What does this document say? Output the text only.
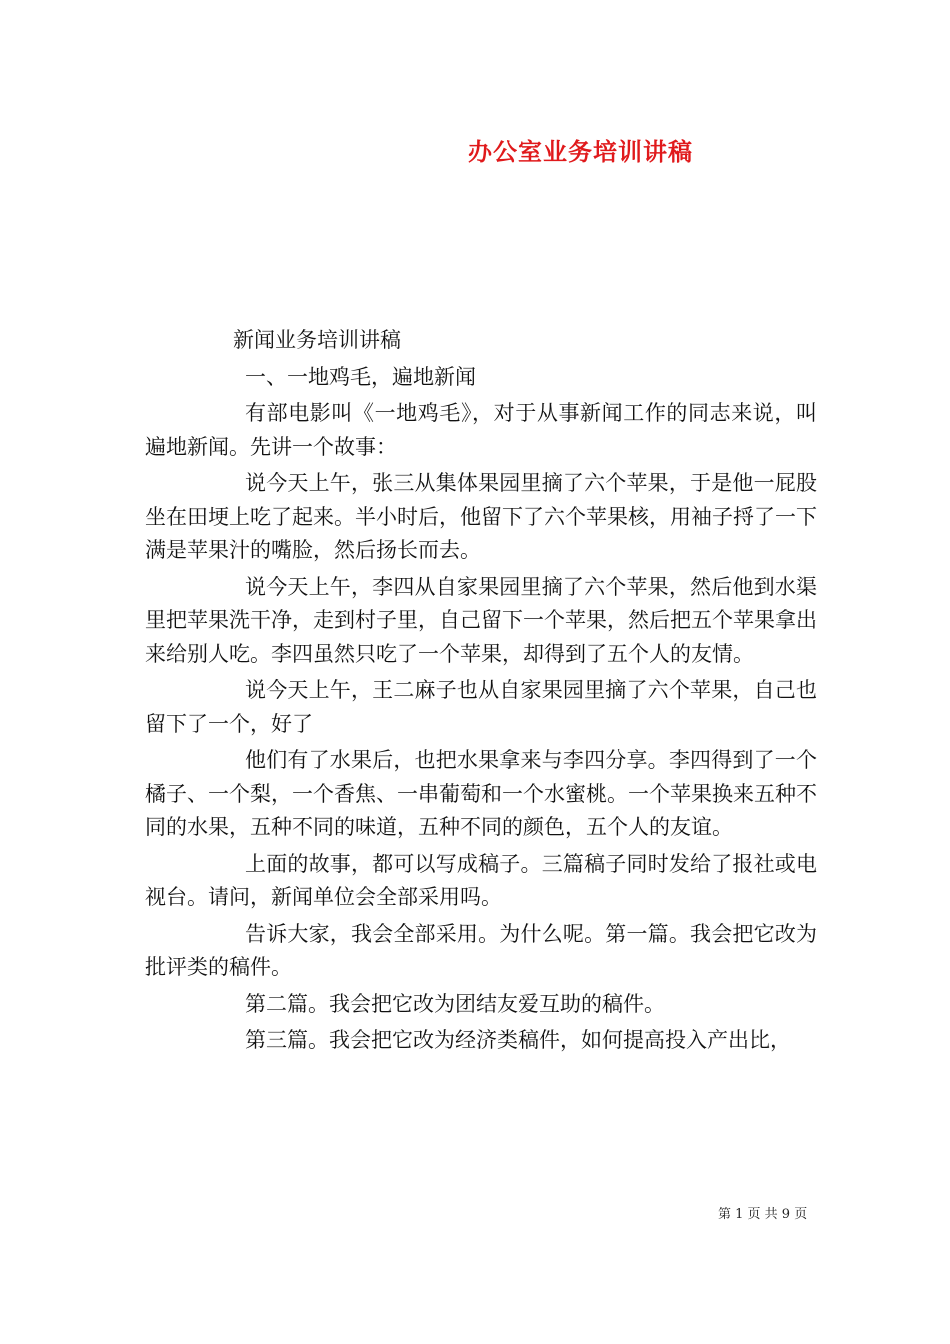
办公室业务培训讲稿

新闻业务培训讲稿

一、一地鸡毛，遍地新闻

有部电影叫《一地鸡毛》，对于从事新闻工作的同志来说，叫遍地新闻。先讲一个故事：

说今天上午，张三从集体果园里摘了六个苹果，于是他一屁股坐在田埂上吃了起来。半小时后，他留下了六个苹果核，用袖子捋了一下满是苹果汁的嘴脸，然后扬长而去。

说今天上午，李四从自家果园里摘了六个苹果，然后他到水渠里把苹果洗干净，走到村子里，自己留下一个苹果，然后把五个苹果拿出来给别人吃。李四虽然只吃了一个苹果，却得到了五个人的友情。

说今天上午，王二麻子也从自家果园里摘了六个苹果，自己也留下了一个，好了

他们有了水果后，也把水果拿来与李四分享。李四得到了一个橘子、一个梨，一个香焦、一串葡萄和一个水蜜桃。一个苹果换来五种不同的水果，五种不同的味道，五种不同的颜色，五个人的友谊。

上面的故事，都可以写成稿子。三篇稿子同时发给了报社或电视台。请问，新闻单位会全部采用吗。

告诉大家，我会全部采用。为什么呢。第一篇。我会把它改为批评类的稿件。

第二篇。我会把它改为团结友爱互助的稿件。

第三篇。我会把它改为经济类稿件，如何提高投入产出比，

第 1 页 共 9 页
